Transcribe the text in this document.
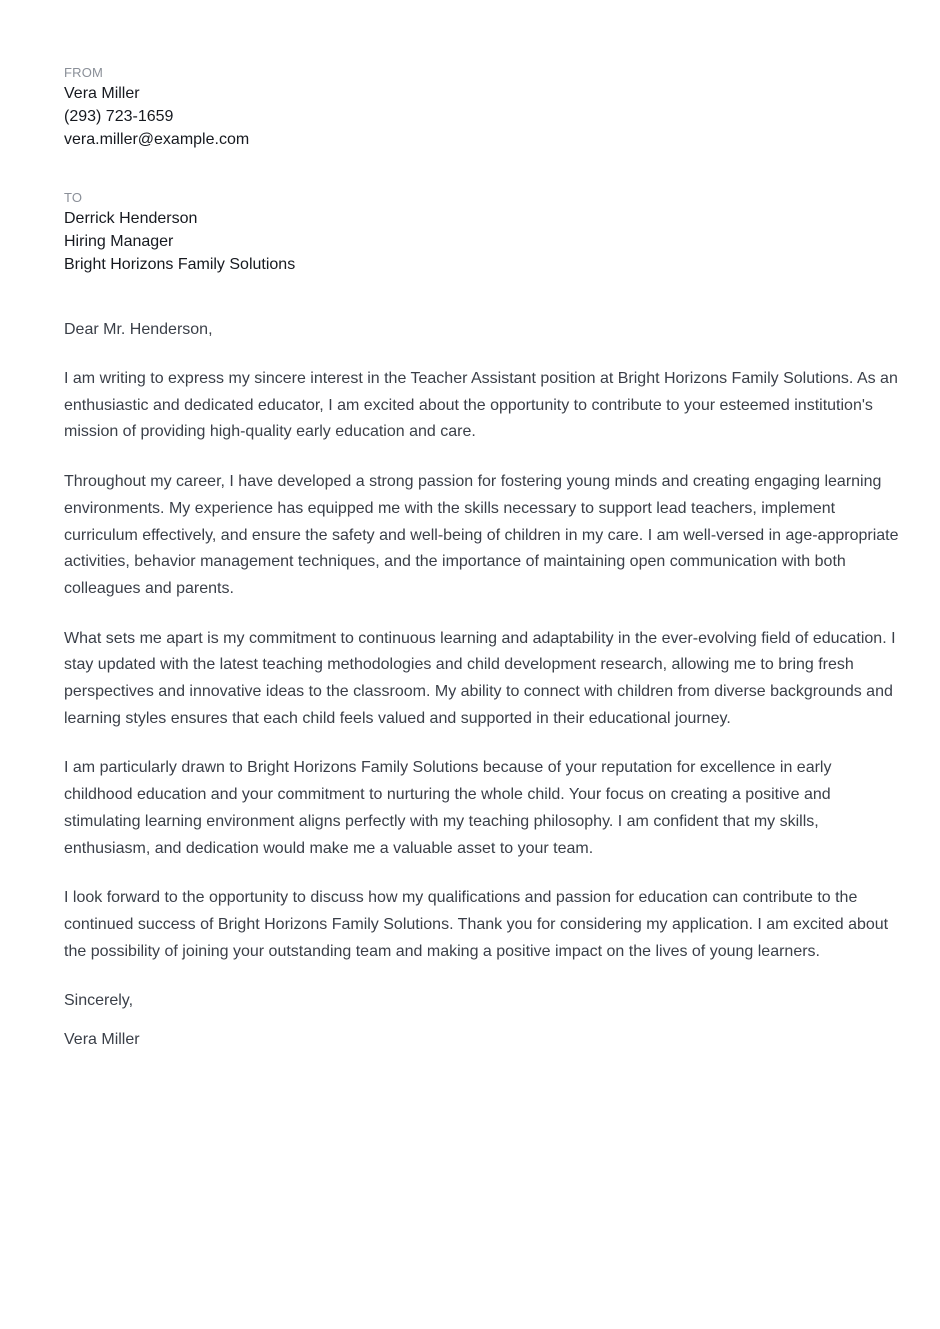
FROM

Vera Miller

(293) 723-1659

vera.miller@example.com

TO

Derrick Henderson

Hiring Manager

Bright Horizons Family Solutions

Dear Mr. Henderson,

I am writing to express my sincere interest in the Teacher Assistant position at Bright Horizons Family Solutions. As an enthusiastic and dedicated educator, I am excited about the opportunity to contribute to your esteemed institution's mission of providing high-quality early education and care.

Throughout my career, I have developed a strong passion for fostering young minds and creating engaging learning environments. My experience has equipped me with the skills necessary to support lead teachers, implement curriculum effectively, and ensure the safety and well-being of children in my care. I am well-versed in age-appropriate activities, behavior management techniques, and the importance of maintaining open communication with both colleagues and parents.

What sets me apart is my commitment to continuous learning and adaptability in the ever-evolving field of education. I stay updated with the latest teaching methodologies and child development research, allowing me to bring fresh perspectives and innovative ideas to the classroom. My ability to connect with children from diverse backgrounds and learning styles ensures that each child feels valued and supported in their educational journey.

I am particularly drawn to Bright Horizons Family Solutions because of your reputation for excellence in early childhood education and your commitment to nurturing the whole child. Your focus on creating a positive and stimulating learning environment aligns perfectly with my teaching philosophy. I am confident that my skills, enthusiasm, and dedication would make me a valuable asset to your team.

I look forward to the opportunity to discuss how my qualifications and passion for education can contribute to the continued success of Bright Horizons Family Solutions. Thank you for considering my application. I am excited about the possibility of joining your outstanding team and making a positive impact on the lives of young learners.

Sincerely,
Vera Miller
